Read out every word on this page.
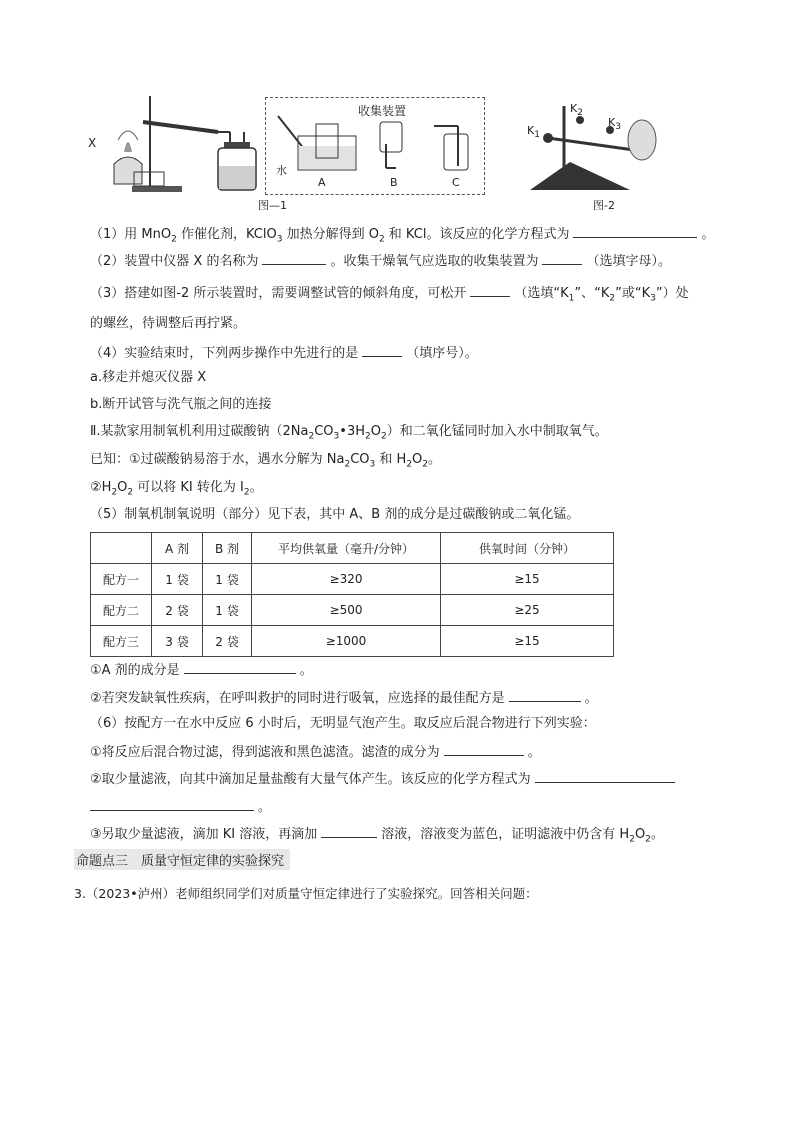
X
收集装置
水
A	B	C
图—1
$K_1$
$K_2$
$K_3$
图-2
（1）用 MnO$_2$ 作催化剂，KClO$_3$ 加热分解得到 $O_2$ 和 KCl。该反应的化学方程式为	。
（2）装置中仪器 X 的名称为	。收集干燥氧气应选取的收集装置为	（选填字母）。
（3）搭建如图-2 所示装置时，需要调整试管的倾斜角度，可松开	（选填“$K_1$”、“$K_2$”或“$K_3$”）处
的螺丝，待调整后再拧紧。
（4）实验结束时，下列两步操作中先进行的是	（填序号）。
a.移走并熄灭仪器 X
b.断开试管与洗气瓶之间的连接
Ⅱ.某款家用制氧机利用过碳酸钠$(2Na_2CO_3•3H_2O_2)$和二氧化锰同时加入水中制取氧气。
已知：①过碳酸钠易溶于水，遇水分解为 $Na_2CO_3$ 和 $H_2O_2$。
$②H_2O_2$ 可以将 KI 转化为 $I_2$。
（5）制氧机制氧说明（部分）见下表，其中 A、B 剂的成分是过碳酸钠或二氧化锰。
	A 剂	B 剂	平均供氧量（毫升/分钟）	供氧时间（分钟）
配方一	1 袋	1 袋	≥320	≥15
配方二	2 袋	1 袋	≥500	≥25
配方三	3 袋	2 袋	≥1000	≥15
①A 剂的成分是	。
②若突发缺氧性疾病，在呼叫救护的同时进行吸氧，应选择的最佳配方是	。
（6）按配方一在水中反应 6 小时后，无明显气泡产生。取反应后混合物进行下列实验：
①将反应后混合物过滤，得到滤液和黑色滤渣。滤渣的成分为	。
②取少量滤液，向其中滴加足量盐酸有大量气体产生。该反应的化学方程式为
。
③另取少量滤液，滴加 KI 溶液，再滴加	溶液，溶液变为蓝色，证明滤液中仍含有 $H_2O_2$。
命题点三　质量守恒定律的实验探究
3.（2023•泸州）老师组织同学们对质量守恒定律进行了实验探究。回答相关问题：
